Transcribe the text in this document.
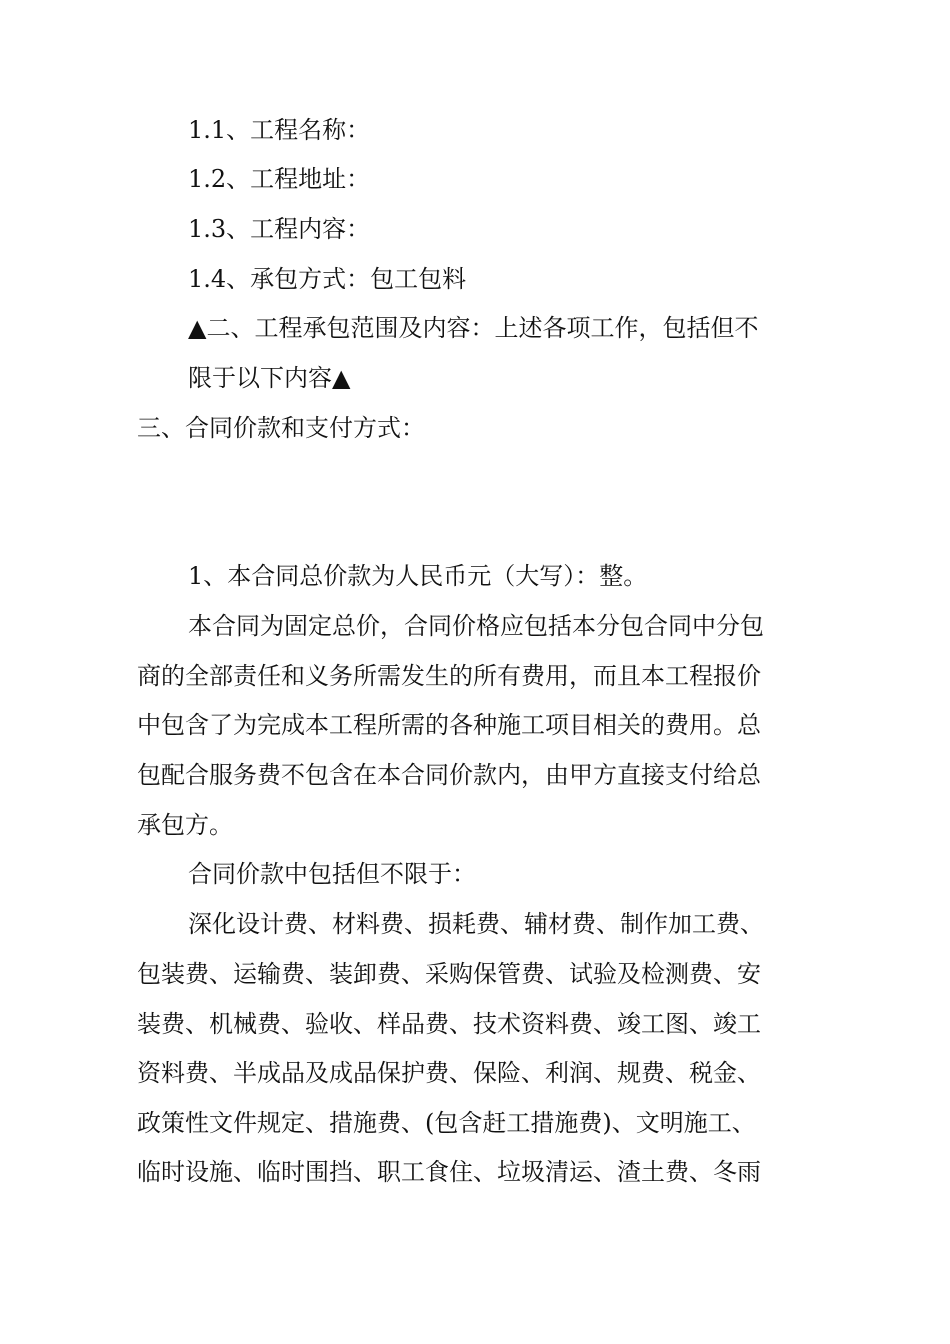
1.1、工程名称：
1.2、工程地址：
1.3、工程内容：
1.4、承包方式：包工包料
▲二、工程承包范围及内容：上述各项工作，包括但不
限于以下内容▲
三、合同价款和支付方式：
1、本合同总价款为人民币元（大写）：整。
本合同为固定总价，合同价格应包括本分包合同中分包
商的全部责任和义务所需发生的所有费用，而且本工程报价
中包含了为完成本工程所需的各种施工项目相关的费用。总
包配合服务费不包含在本合同价款内，由甲方直接支付给总
承包方。
合同价款中包括但不限于：
深化设计费、材料费、损耗费、辅材费、制作加工费、
包装费、运输费、装卸费、采购保管费、试验及检测费、安
装费、机械费、验收、样品费、技术资料费、竣工图、竣工
资料费、半成品及成品保护费、保险、利润、规费、税金、
政策性文件规定、措施费、(包含赶工措施费)、文明施工、
临时设施、临时围挡、职工食住、垃圾清运、渣土费、冬雨
